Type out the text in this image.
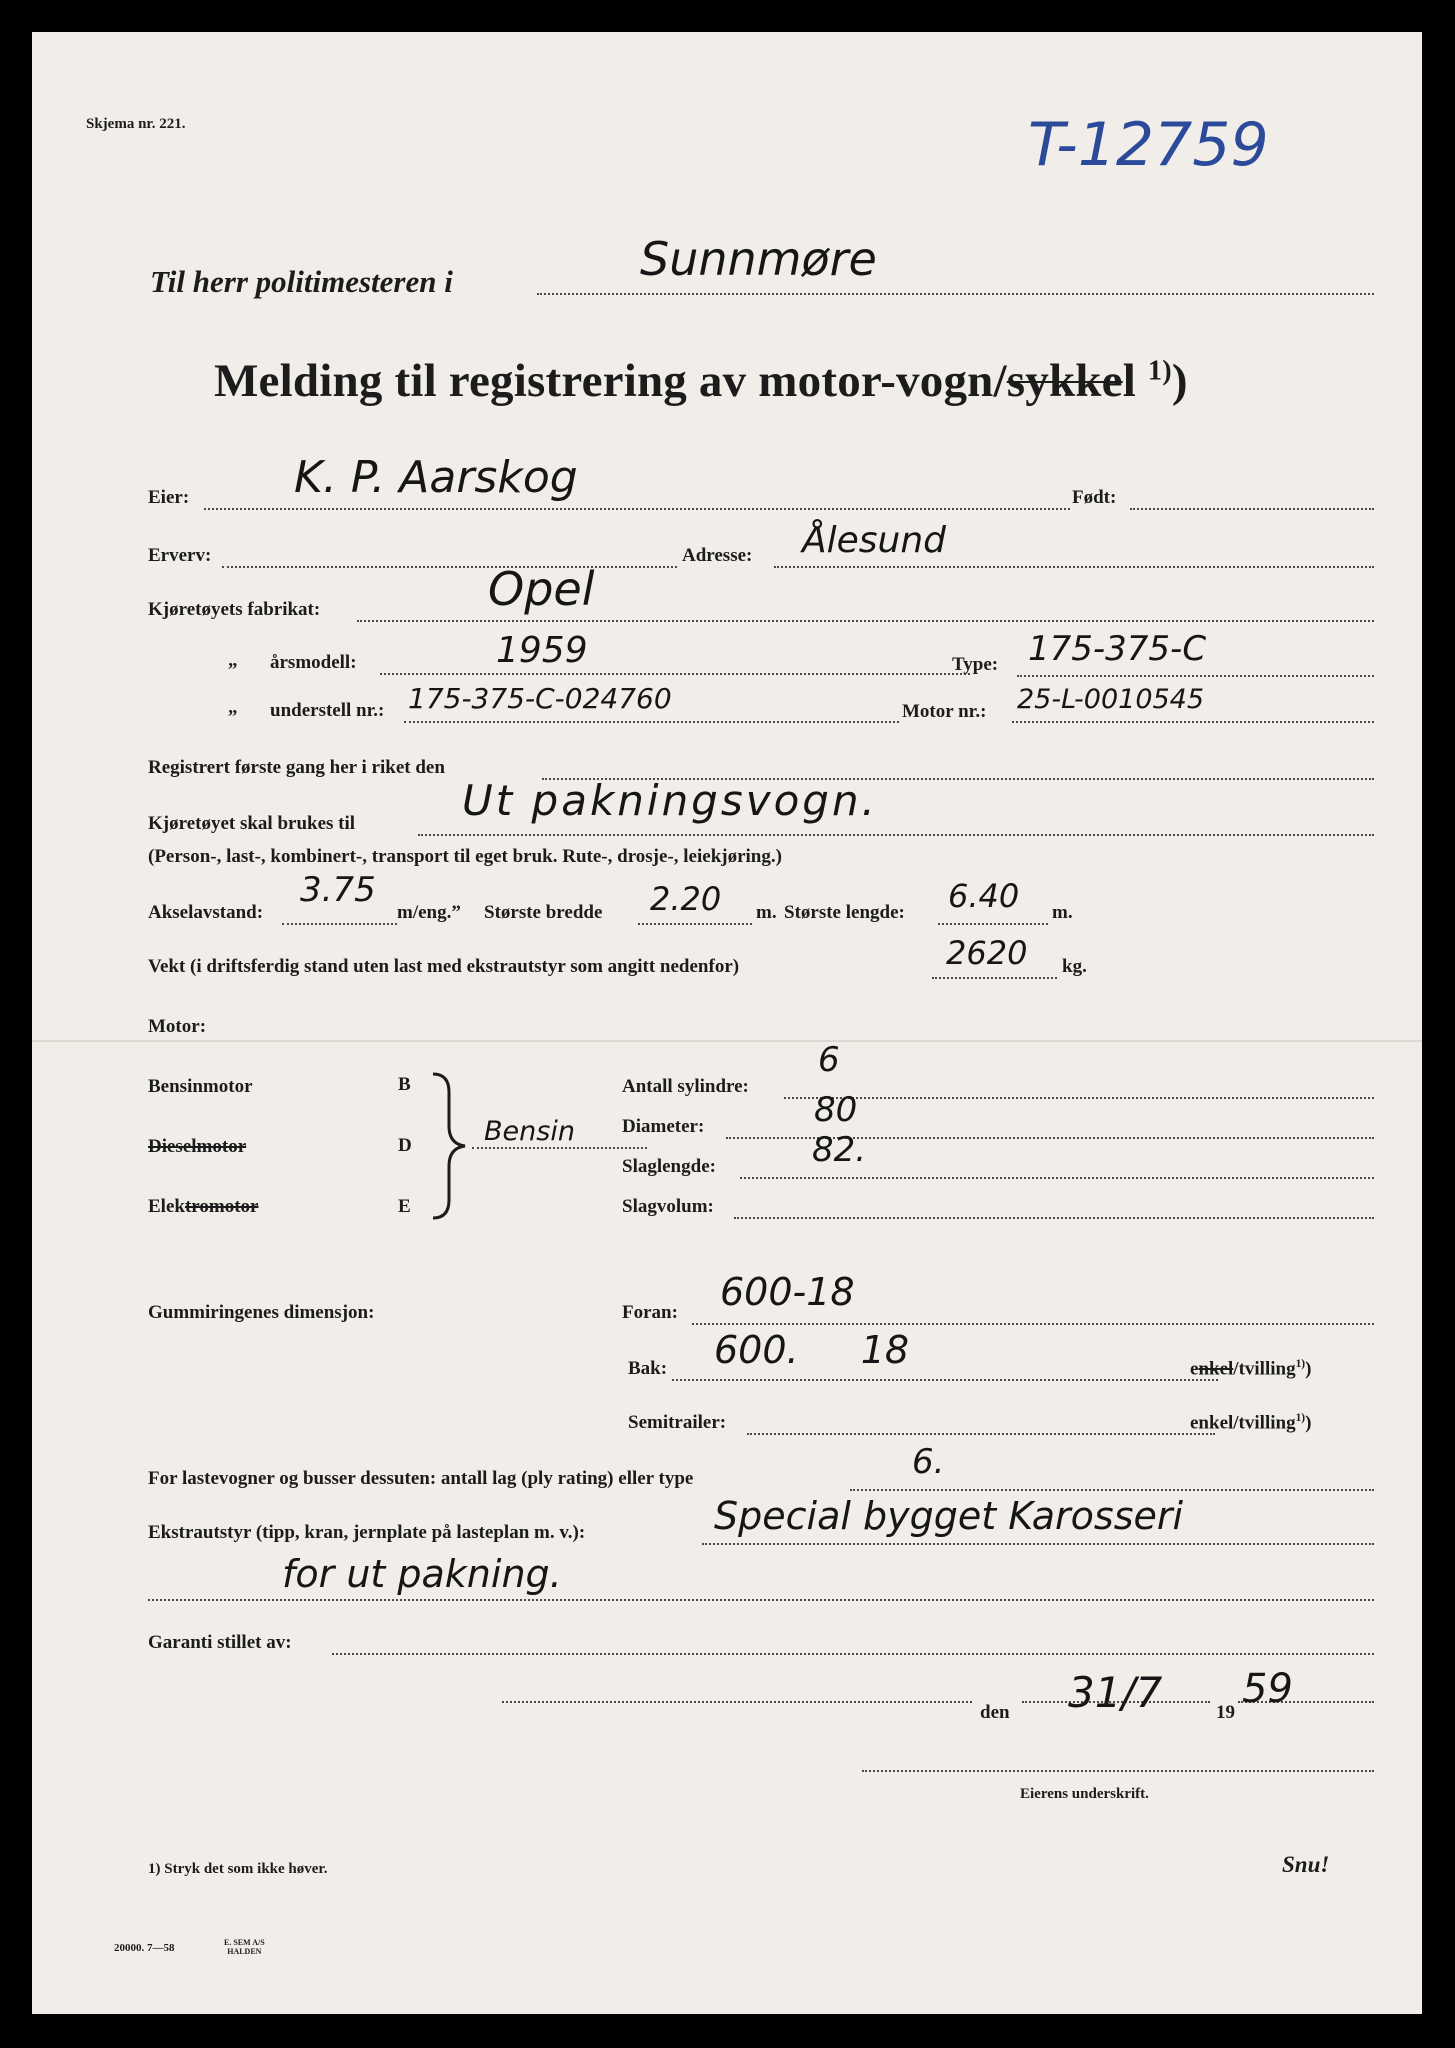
Skjema nr. 221.	T-12759
Til herr politimesteren i	Sunnmøre
Melding til registrering av motor-vogn/sykkel $^{1)}$)
Eier: K. P. Aarskog	Født:
Erverv:	Adresse: Ålesund
Kjøretøyets fabrikat:	Opel
„ årsmodell:	1959	Type: 175-375-C
„ understell nr.: 175-375-C-024760	Motor nr.: 25-L-0010545
Registrert første gang her i riket den
Kjøretøyet skal brukes til	Ut pakningsvogn.
(Person-, last-, kombinert-, transport til eget bruk. Rute-, drosje-, leiekjøring.)
Akselavstand:
3.75
m/eng.” Største bredde 2.20 m. Største lengde: 6.40 m.
Vekt (i driftsferdig stand uten last med ekstrautstyr som angitt nedenfor)	2620 kg.
Motor:
Bensinmotor	B
Dieselmotor	D
Elektromotor	E
Bensin
Antall sylindre:
6
Diameter:	80
Slaglengde:	82.
Slagvolum:
Gummiringenes dimensjon:	Foran: 600-18
Bak: 600. 18	enkel/tvilling$^{1)}$)
Semitrailer:	enkel/tvilling$^{1)}$)
For lastevogner og busser dessuten: antall lag (ply rating) eller type	6.
Ekstrautstyr (tipp, kran, jernplate på lasteplan m. v.):	Special bygget Karosseri
for ut pakning.
Garanti stillet av:
den 31/7	19
59
Eierens underskrift.
1) Stryk det som ikke høver.	Snu!
20000. 7—58	E. SEM A/S
HALDEN
